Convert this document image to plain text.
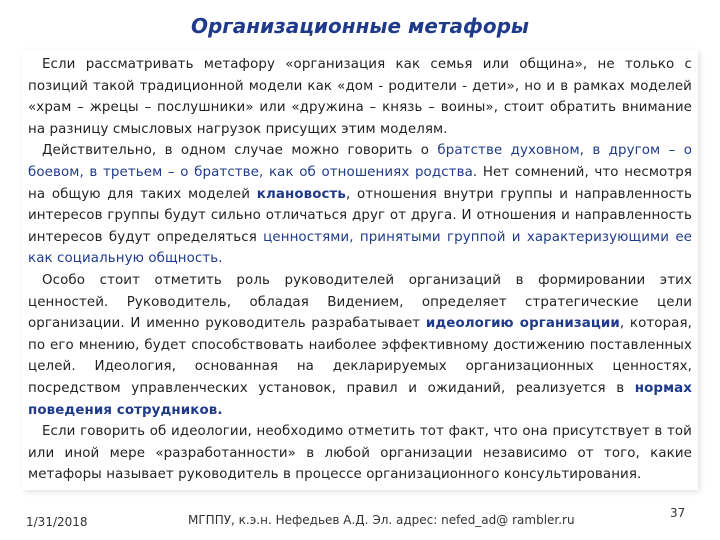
Организационные метафоры

Если рассматривать метафору «организация как семья или община», не только с позиций такой традиционной модели как «дом - родители - дети», но и в рамках моделей «храм – жрецы – послушники» или «дружина – князь – воины», стоит обратить внимание на разницу смысловых нагрузок присущих этим моделям.

Действительно, в одном случае можно говорить о братстве духовном, в другом – о боевом, в третьем – о братстве, как об отношениях родства. Нет сомнений, что несмотря на общую для таких моделей клановость, отношения внутри группы и направленность интересов группы будут сильно отличаться друг от друга. И отношения и направленность интересов будут определяться ценностями, принятыми группой и характеризующими ее как социальную общность.

Особо стоит отметить роль руководителей организаций в формировании этих ценностей. Руководитель, обладая Видением, определяет стратегические цели организации. И именно руководитель разрабатывает идеологию организации, которая, по его мнению, будет способствовать наиболее эффективному достижению поставленных целей. Идеология, основанная на декларируемых организационных ценностях, посредством управленческих установок, правил и ожиданий, реализуется в нормах поведения сотрудников.

Если говорить об идеологии, необходимо отметить тот факт, что она присутствует в той или иной мере «разработанности» в любой организации независимо от того, какие метафоры называет руководитель в процессе организационного консультирования.

1/31/2018	МГППУ, к.э.н. Нефедьев А.Д. Эл. адрес: nefed_ad@ rambler.ru	37
